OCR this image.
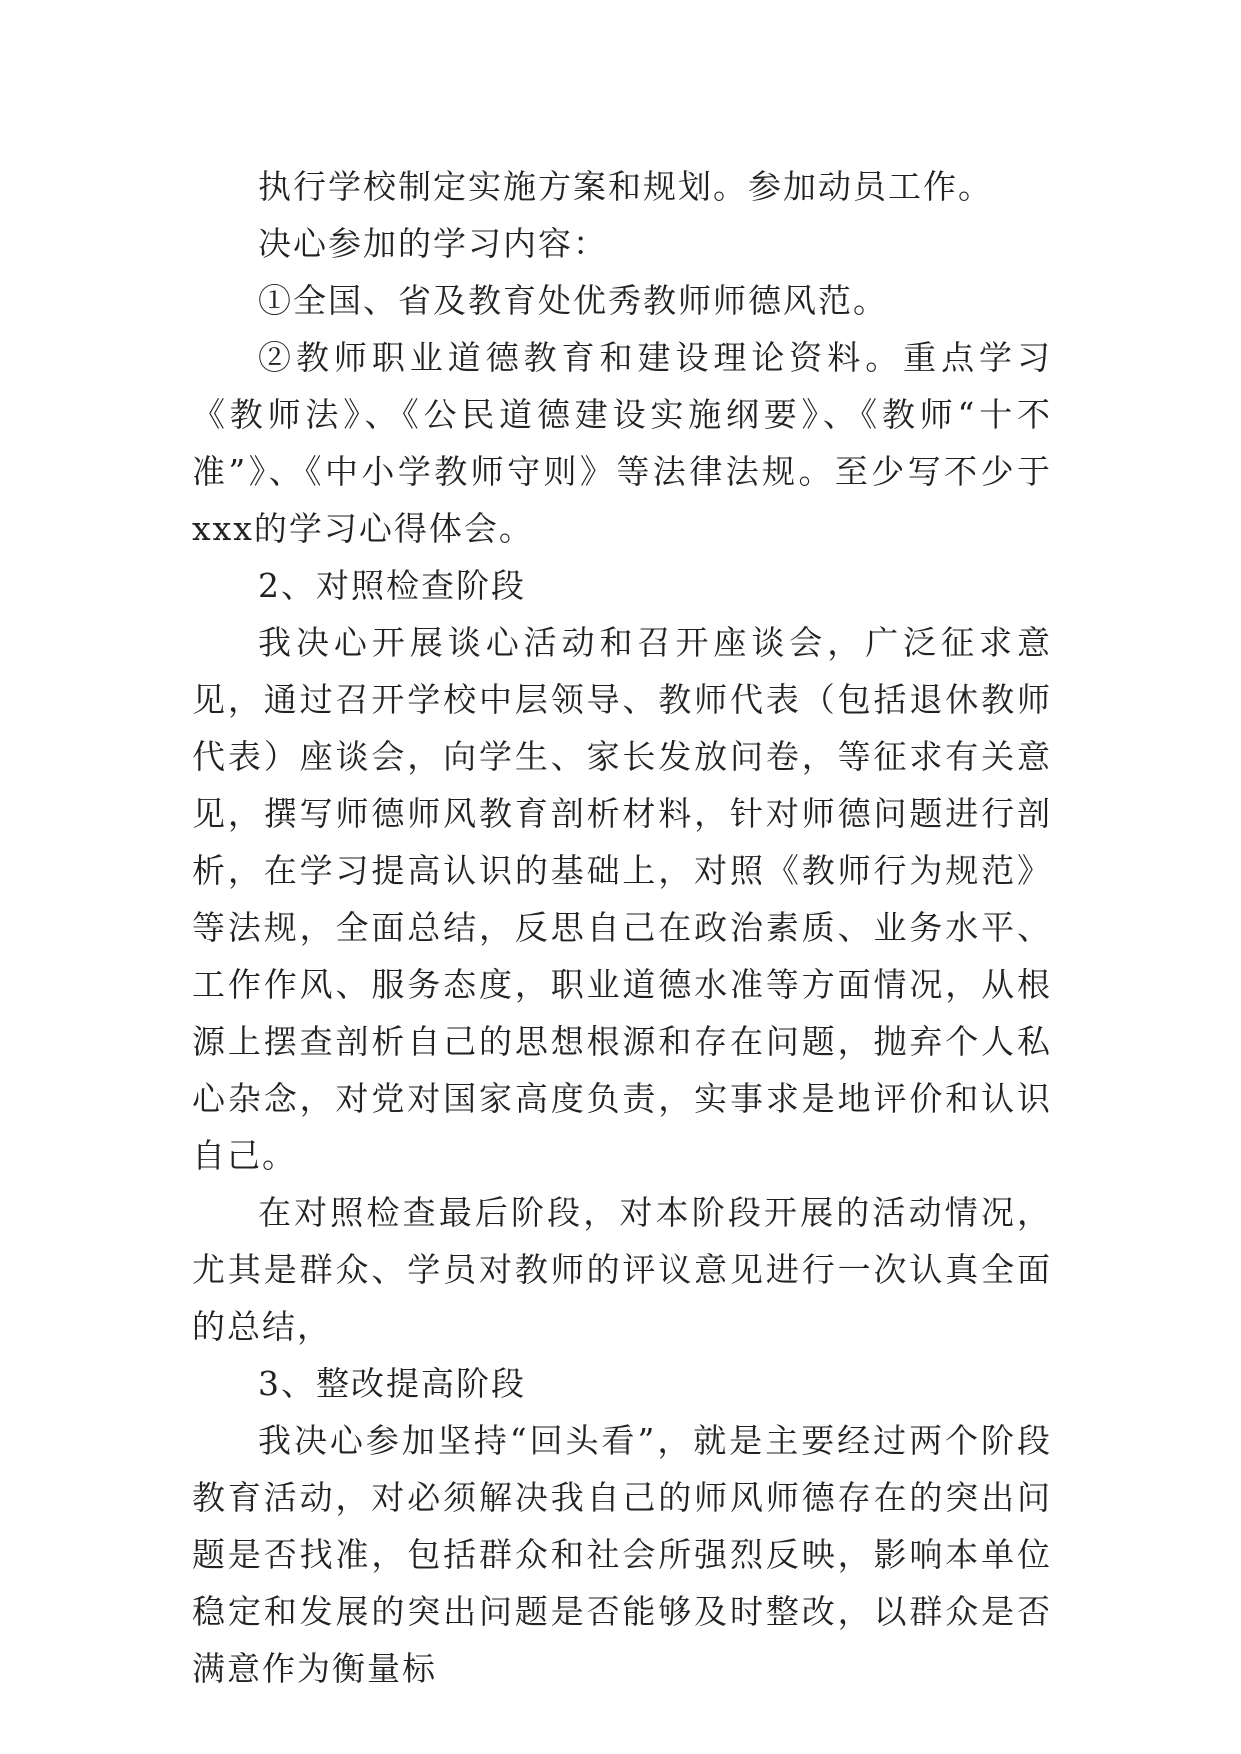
执行学校制定实施方案和规划。参加动员工作。

决心参加的学习内容：

①全国、省及教育处优秀教师师德风范。

②教师职业道德教育和建设理论资料。重点学习《教师法》、《公民道德建设实施纲要》、《教师“十不准”》、《中小学教师守则》等法律法规。至少写不少于xxx的学习心得体会。

2、对照检查阶段

我决心开展谈心活动和召开座谈会，广泛征求意见，通过召开学校中层领导、教师代表（包括退休教师代表）座谈会，向学生、家长发放问卷，等征求有关意见，撰写师德师风教育剖析材料，针对师德问题进行剖析，在学习提高认识的基础上，对照《教师行为规范》等法规，全面总结，反思自己在政治素质、业务水平、工作作风、服务态度，职业道德水准等方面情况，从根源上摆查剖析自己的思想根源和存在问题，抛弃个人私心杂念，对党对国家高度负责，实事求是地评价和认识自己。

在对照检查最后阶段，对本阶段开展的活动情况，尤其是群众、学员对教师的评议意见进行一次认真全面的总结，

3、整改提高阶段

我决心参加坚持“回头看”，就是主要经过两个阶段教育活动，对必须解决我自己的师风师德存在的突出问题是否找准，包括群众和社会所强烈反映，影响本单位稳定和发展的突出问题是否能够及时整改，以群众是否满意作为衡量标
